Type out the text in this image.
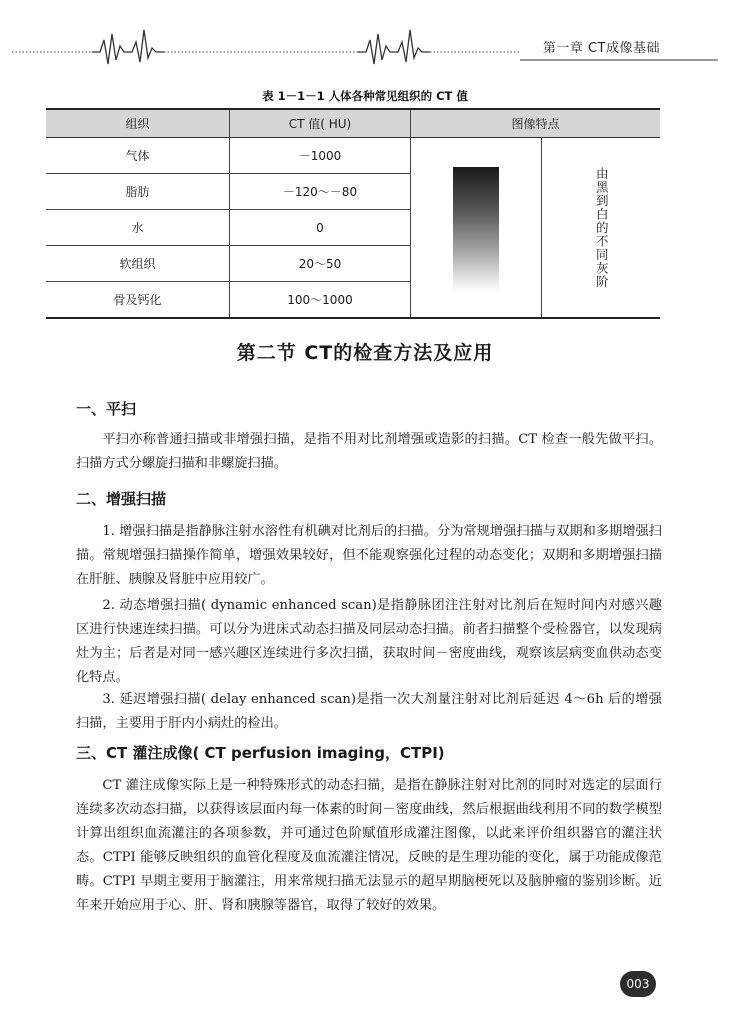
第一章 CT成像基础
表 1－1－1 人体各种常见组织的 CT 值
组织	CT 值( HU)	图像特点	
气体	－1000		由黑到白的不同灰阶

脂肪	－120～－80		
水	0		
软组织	20～50		
骨及钙化	100～1000		
第二节 CT的检查方法及应用
一、平扫

平扫亦称普通扫描或非增强扫描，是指不用对比剂增强或造影的扫描。CT 检查一般先做平扫。扫描方式分螺旋扫描和非螺旋扫描。

二、增强扫描

1. 增强扫描是指静脉注射水溶性有机碘对比剂后的扫描。分为常规增强扫描与双期和多期增强扫描。常规增强扫描操作简单，增强效果较好，但不能观察强化过程的动态变化；双期和多期增强扫描在肝脏、胰腺及肾脏中应用较广。

2. 动态增强扫描( dynamic enhanced scan)是指静脉团注注射对比剂后在短时间内对感兴趣区进行快速连续扫描。可以分为进床式动态扫描及同层动态扫描。前者扫描整个受检器官，以发现病灶为主；后者是对同一感兴趣区连续进行多次扫描，获取时间－密度曲线，观察该层病变血供动态变化特点。

3. 延迟增强扫描( delay enhanced scan)是指一次大剂量注射对比剂后延迟 4～6h 后的增强扫描，主要用于肝内小病灶的检出。

三、CT 灌注成像( CT perfusion imaging，CTPI)

CT 灌注成像实际上是一种特殊形式的动态扫描，是指在静脉注射对比剂的同时对选定的层面行连续多次动态扫描，以获得该层面内每一体素的时间－密度曲线，然后根据曲线利用不同的数学模型计算出组织血流灌注的各项参数，并可通过色阶赋值形成灌注图像，以此来评价组织器官的灌注状态。CTPI 能够反映组织的血管化程度及血流灌注情况，反映的是生理功能的变化，属于功能成像范畴。CTPI 早期主要用于脑灌注，用来常规扫描无法显示的超早期脑梗死以及脑肿瘤的鉴别诊断。近年来开始应用于心、肝、肾和胰腺等器官，取得了较好的效果。

003
